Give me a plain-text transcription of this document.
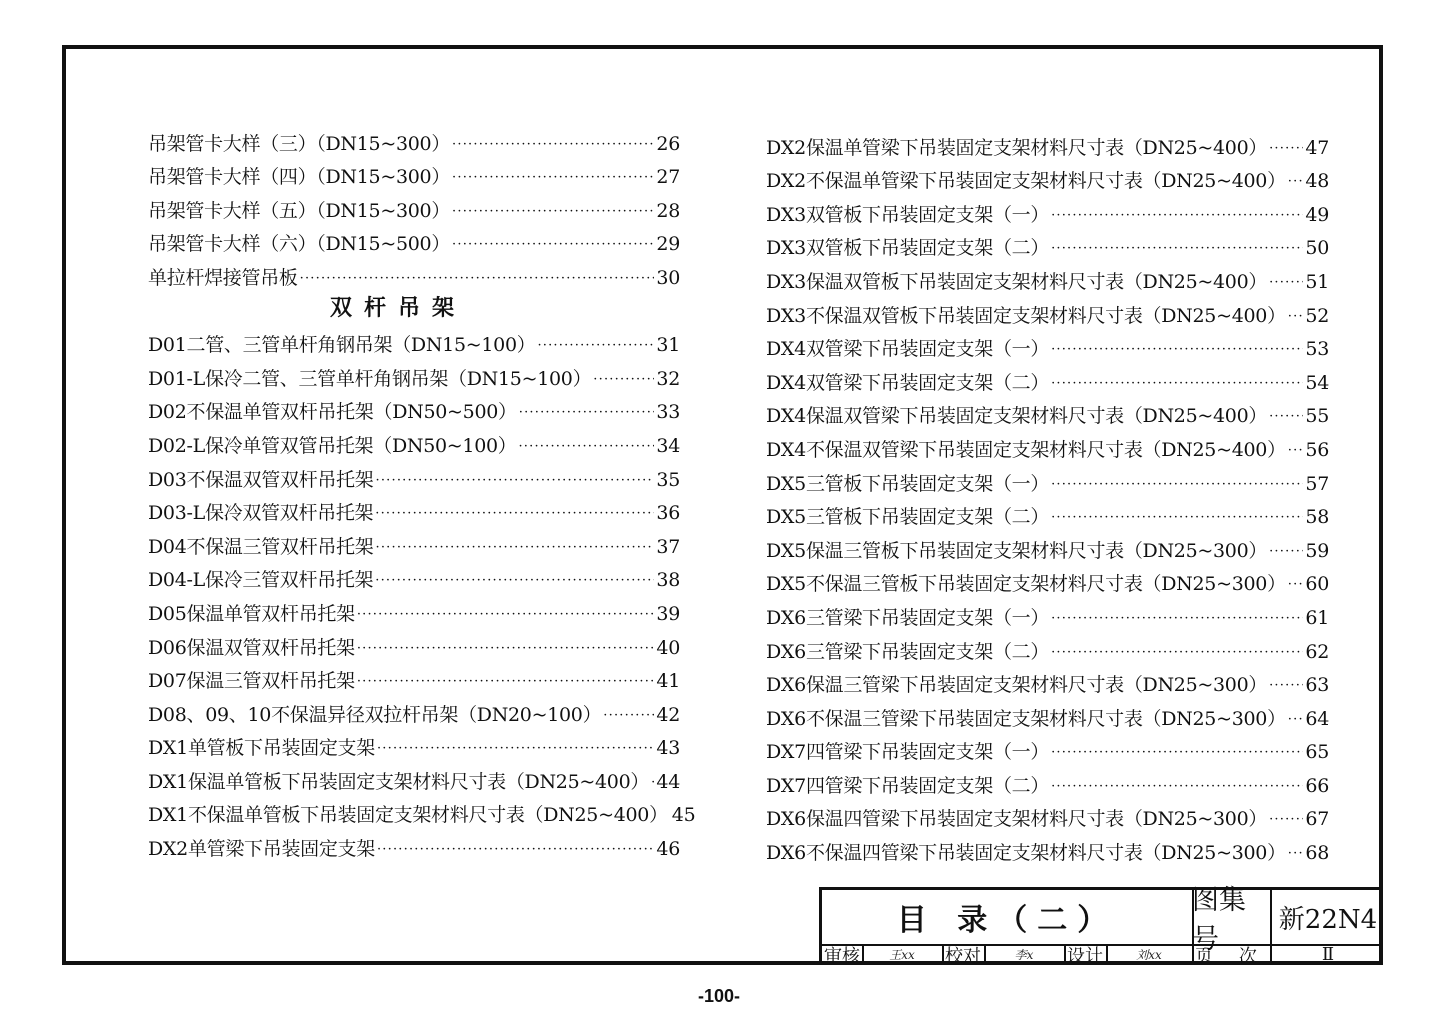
吊架管卡大样（三）（DN15~300） ·····	26
吊架管卡大样（四）（DN15~300） ·····	27
吊架管卡大样（五）（DN15~300） ·····	28
吊架管卡大样（六）（DN15~500） ·····	29
单拉杆焊接管吊板 ·····	30
双杆吊架
D01二管、三管单杆角钢吊架（DN15~100） ·····	31
D01-L保冷二管、三管单杆角钢吊架（DN15~100） ·····	32
D02不保温单管双杆吊托架（DN50~500） ·····	33
D02-L保冷单管双管吊托架（DN50~100） ·····	34
D03不保温双管双杆吊托架 ·····	35
D03-L保冷双管双杆吊托架 ·····	36
D04不保温三管双杆吊托架 ·····	37
D04-L保冷三管双杆吊托架 ·····	38
D05保温单管双杆吊托架 ·····	39
D06保温双管双杆吊托架 ·····	40
D07保温三管双杆吊托架 ·····	41
D08、09、10不保温异径双拉杆吊架（DN20~100） ·····	42
DX1单管板下吊装固定支架 ·····	43
DX1保温单管板下吊装固定支架材料尺寸表（DN25~400） ····· 44
DX1不保温单管板下吊装固定支架材料尺寸表（DN25~400） 45
DX2单管梁下吊装固定支架 ·····	46
DX2保温单管梁下吊装固定支架材料尺寸表（DN25~400） ····· 47
DX2不保温单管梁下吊装固定支架材料尺寸表（DN25~400） ····· 48
DX3双管板下吊装固定支架（一） ·····	49
DX3双管板下吊装固定支架（二） ·····	50
DX3保温双管板下吊装固定支架材料尺寸表（DN25~400） ····· 51
DX3不保温双管板下吊装固定支架材料尺寸表（DN25~400） ····· 52
DX4双管梁下吊装固定支架（一） ·····	53
DX4双管梁下吊装固定支架（二） ·····	54
DX4保温双管梁下吊装固定支架材料尺寸表（DN25~400） ····· 55
DX4不保温双管梁下吊装固定支架材料尺寸表（DN25~400） ····· 56
DX5三管板下吊装固定支架（一） ·····	57
DX5三管板下吊装固定支架（二） ·····	58
DX5保温三管板下吊装固定支架材料尺寸表（DN25~300） ····· 59
DX5不保温三管板下吊装固定支架材料尺寸表（DN25~300） ····· 60
DX6三管梁下吊装固定支架（一） ·····	61
DX6三管梁下吊装固定支架（二） ·····	62
DX6保温三管梁下吊装固定支架材料尺寸表（DN25~300） ····· 63
DX6不保温三管梁下吊装固定支架材料尺寸表（DN25~300） ····· 64
DX7四管梁下吊装固定支架（一） ·····	65
DX7四管梁下吊装固定支架（二） ·····	66
DX6保温四管梁下吊装固定支架材料尺寸表（DN25~300） ····· 67
DX6不保温四管梁下吊装固定支架材料尺寸表（DN25~300） ····· 68
目 录（二）
图集号
新22N4
审核	王xx	校对	李x	设计	刘xx	页 次	Ⅱ
-100-
